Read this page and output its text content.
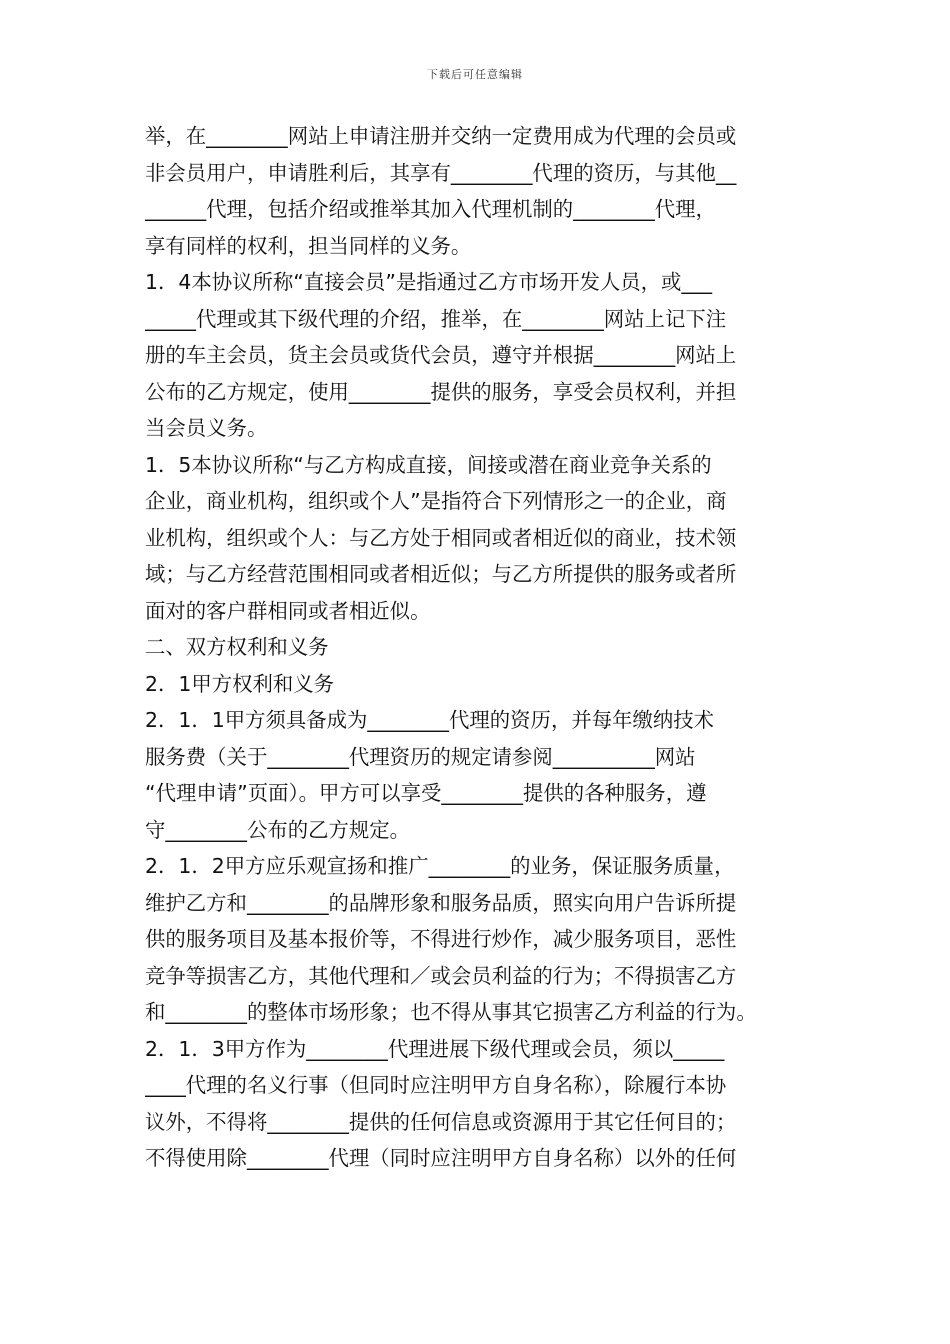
下载后可任意编辑
举，在________网站上申请注册并交纳一定费用成为代理的会员或
非会员用户，申请胜利后，其享有________代理的资历，与其他__
______代理，包括介绍或推举其加入代理机制的________代理，
享有同样的权利，担当同样的义务。
1．4本协议所称“直接会员”是指通过乙方市场开发人员，或___
_____代理或其下级代理的介绍，推举，在________网站上记下注
册的车主会员，货主会员或货代会员，遵守并根据________网站上
公布的乙方规定，使用________提供的服务，享受会员权利，并担
当会员义务。
1．5本协议所称“与乙方构成直接，间接或潜在商业竞争关系的
企业，商业机构，组织或个人”是指符合下列情形之一的企业，商
业机构，组织或个人：与乙方处于相同或者相近似的商业，技术领
域；与乙方经营范围相同或者相近似；与乙方所提供的服务或者所
面对的客户群相同或者相近似。
二、双方权利和义务
2．1甲方权利和义务
2．1．1甲方须具备成为________代理的资历，并每年缴纳技术
服务费（关于________代理资历的规定请参阅__________网站
“代理申请”页面）。甲方可以享受________提供的各种服务，遵
守________公布的乙方规定。
2．1．2甲方应乐观宣扬和推广________的业务，保证服务质量，
维护乙方和________的品牌形象和服务品质，照实向用户告诉所提
供的服务项目及基本报价等，不得进行炒作，减少服务项目，恶性
竞争等损害乙方，其他代理和／或会员利益的行为；不得损害乙方
和________的整体市场形象；也不得从事其它损害乙方利益的行为。
2．1．3甲方作为________代理进展下级代理或会员，须以_____
____代理的名义行事（但同时应注明甲方自身名称），除履行本协
议外，不得将________提供的任何信息或资源用于其它任何目的；
不得使用除________代理（同时应注明甲方自身名称）以外的任何
